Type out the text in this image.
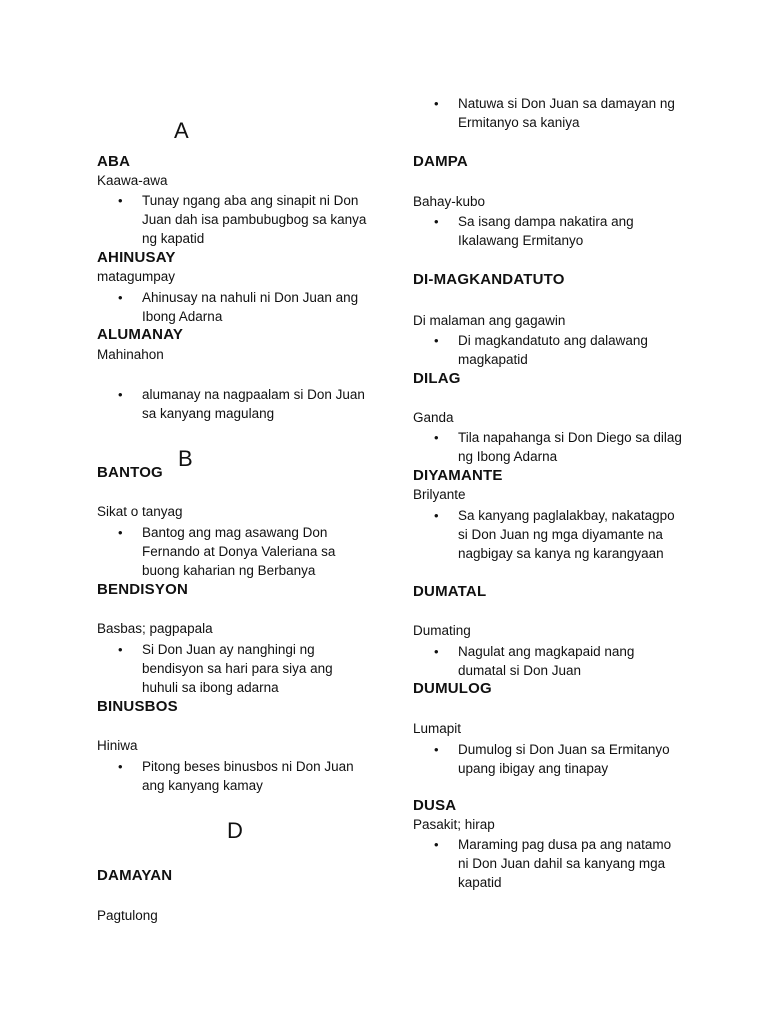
A
ABA
Kaawa-awa
• Tunay ngang aba ang sinapit ni Don Juan dah isa pambubugbog sa kanya ng kapatid
AHINUSAY
matagumpay
• Ahinusay na nahuli ni Don Juan ang Ibong Adarna
ALUMANAY
Mahinahon
• alumanay na nagpaalam si Don Juan sa kanyang magulang
B
BANTOG
Sikat o tanyag
• Bantog ang mag asawang Don Fernando at Donya Valeriana sa buong kaharian ng Berbanya
BENDISYON
Basbas; pagpapala
• Si Don Juan ay nanghingi ng bendisyon sa hari para siya ang huhuli sa ibong adarna
BINUSBOS
Hiniwa
• Pitong beses binusbos ni Don Juan ang kanyang kamay
D
DAMAYAN
Pagtulong
• Natuwa si Don Juan sa damayan ng Ermitanyo sa kaniya
DAMPA
Bahay-kubo
• Sa isang dampa nakatira ang Ikalawang Ermitanyo
DI-MAGKANDATUTO
Di malaman ang gagawin
• Di magkandatuto ang dalawang magkapatid
DILAG
Ganda
• Tila napahanga si Don Diego sa dilag ng Ibong Adarna
DIYAMANTE
Brilyante
• Sa kanyang paglalakbay, nakatagpo si Don Juan ng mga diyamante na nagbigay sa kanya ng karangyaan
DUMATAL
Dumating
• Nagulat ang magkapaid nang dumatal si Don Juan
DUMULOG
Lumapit
• Dumulog si Don Juan sa Ermitanyo upang ibigay ang tinapay
DUSA
Pasakit; hirap
• Maraming pag dusa pa ang natamo ni Don Juan dahil sa kanyang mga kapatid
